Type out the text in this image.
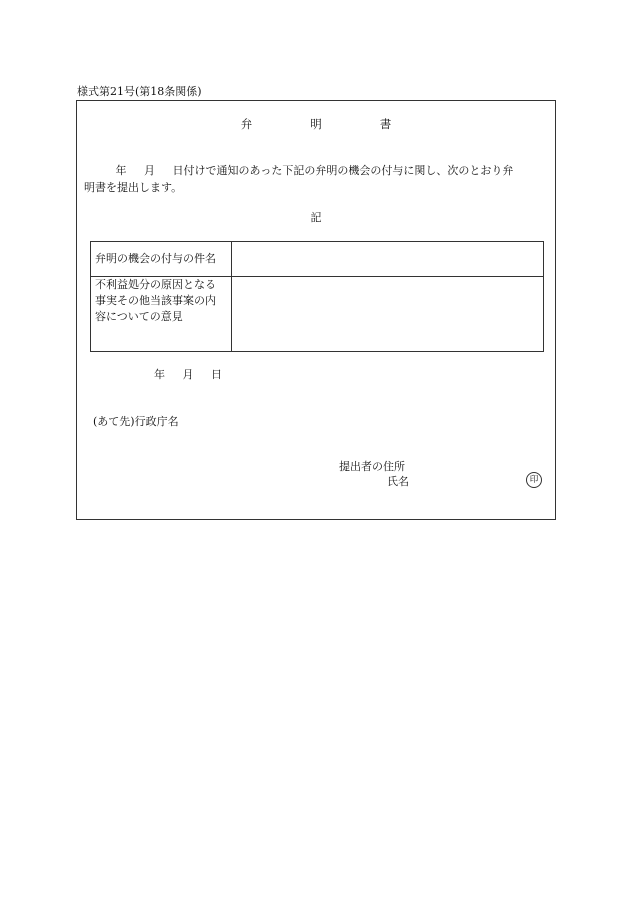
様式第21号(第18条関係)
弁	明	書
年 月 日付けで通知のあった下記の弁明の機会の付与に関し、次のとおり弁
明書を提出します。
記
弁明の機会の付与の件名	
不利益処分の原因となる
事実その他当該事案の内
容についての意見	
年 月 日
(あて先)行政庁名
提出者の住所
氏名	印
